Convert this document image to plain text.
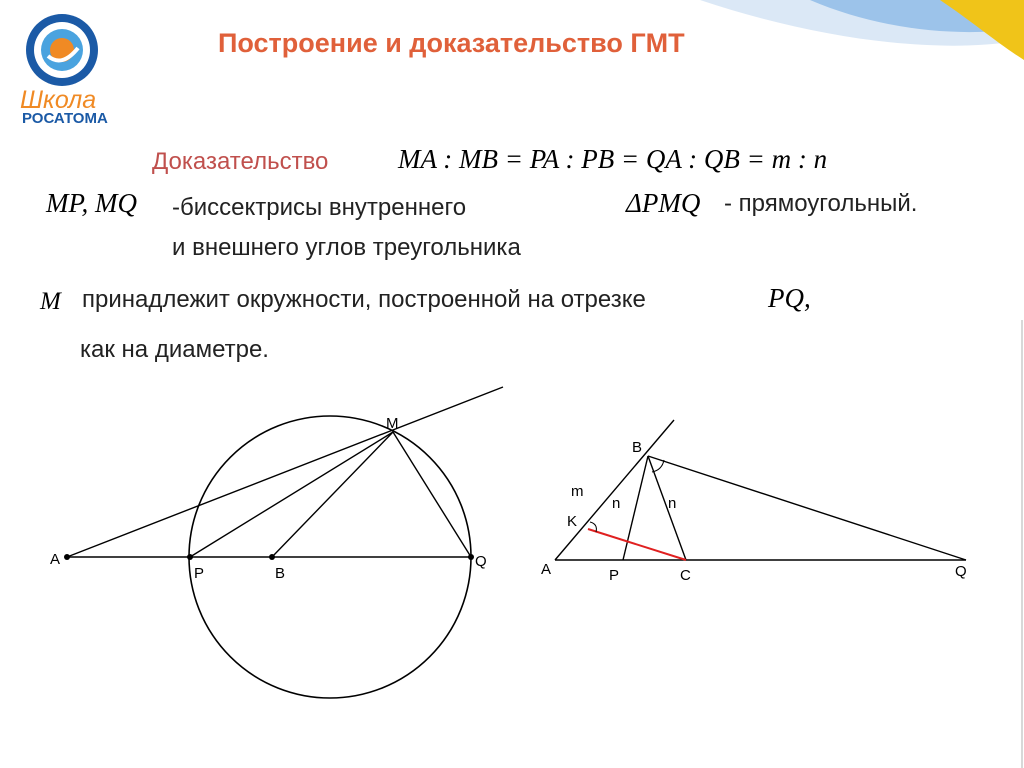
Школа
РОСАТОМА
Построение и доказательство ГМТ
Доказательство	MA : MB = PA : PB = QA : QB = m : n
MP, MQ -биссектрисы внутреннего
и внешнего углов треугольника
ΔPMQ - прямоугольный.
M принадлежит окружности, построенной на отрезке	PQ,
как на диаметре.
A
P	B
Q
M
A	P	C	Q
B
K
m
n	n
